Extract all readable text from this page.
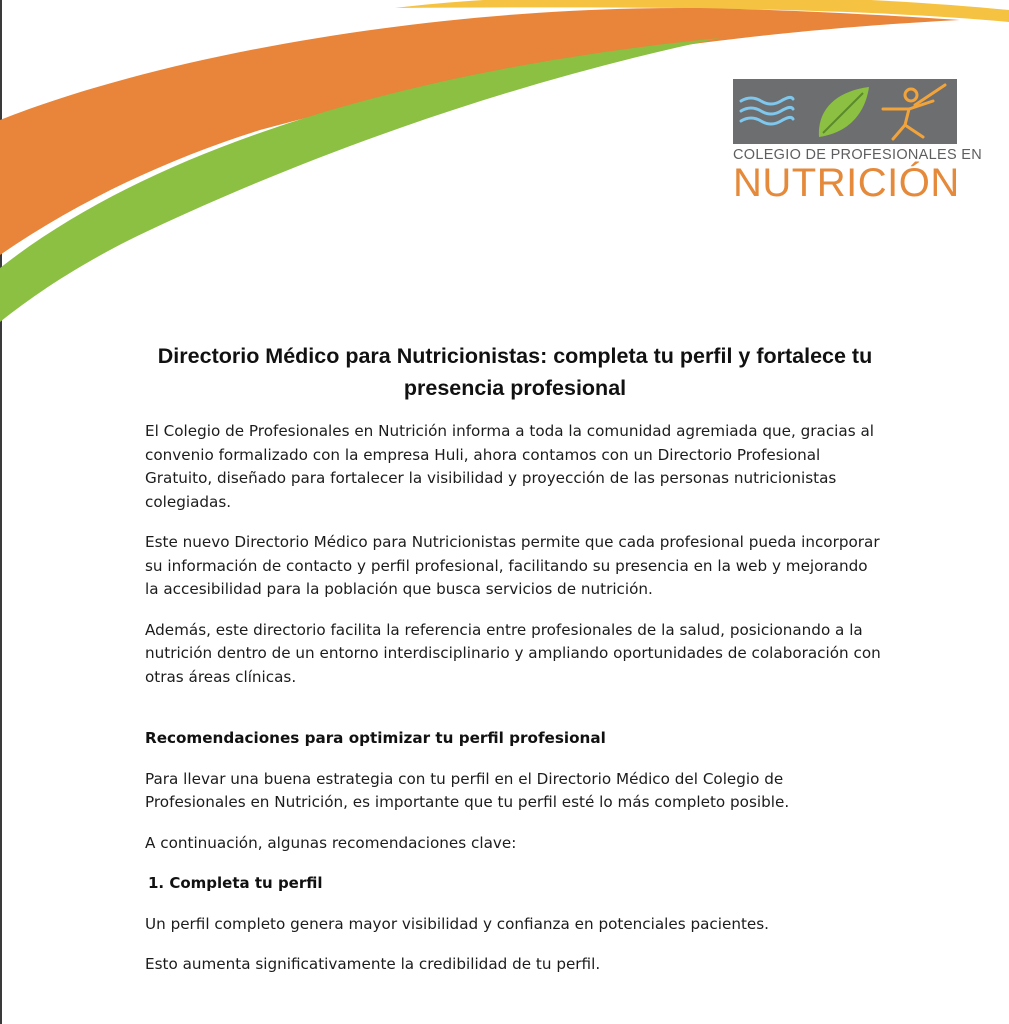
COLEGIO DE PROFESIONALES EN
NUTRICIÓN
Directorio Médico para Nutricionistas: completa tu perfil y fortalece tu presencia profesional

El Colegio de Profesionales en Nutrición informa a toda la comunidad agremiada que, gracias al convenio formalizado con la empresa Huli, ahora contamos con un Directorio Profesional Gratuito, diseñado para fortalecer la visibilidad y proyección de las personas nutricionistas colegiadas.

Este nuevo Directorio Médico para Nutricionistas permite que cada profesional pueda incorporar su información de contacto y perfil profesional, facilitando su presencia en la web y mejorando la accesibilidad para la población que busca servicios de nutrición.

Además, este directorio facilita la referencia entre profesionales de la salud, posicionando a la nutrición dentro de un entorno interdisciplinario y ampliando oportunidades de colaboración con otras áreas clínicas.

Recomendaciones para optimizar tu perfil profesional

Para llevar una buena estrategia con tu perfil en el Directorio Médico del Colegio de Profesionales en Nutrición, es importante que tu perfil esté lo más completo posible.

A continuación, algunas recomendaciones clave:

1. Completa tu perfil

Un perfil completo genera mayor visibilidad y confianza en potenciales pacientes.

Esto aumenta significativamente la credibilidad de tu perfil.
